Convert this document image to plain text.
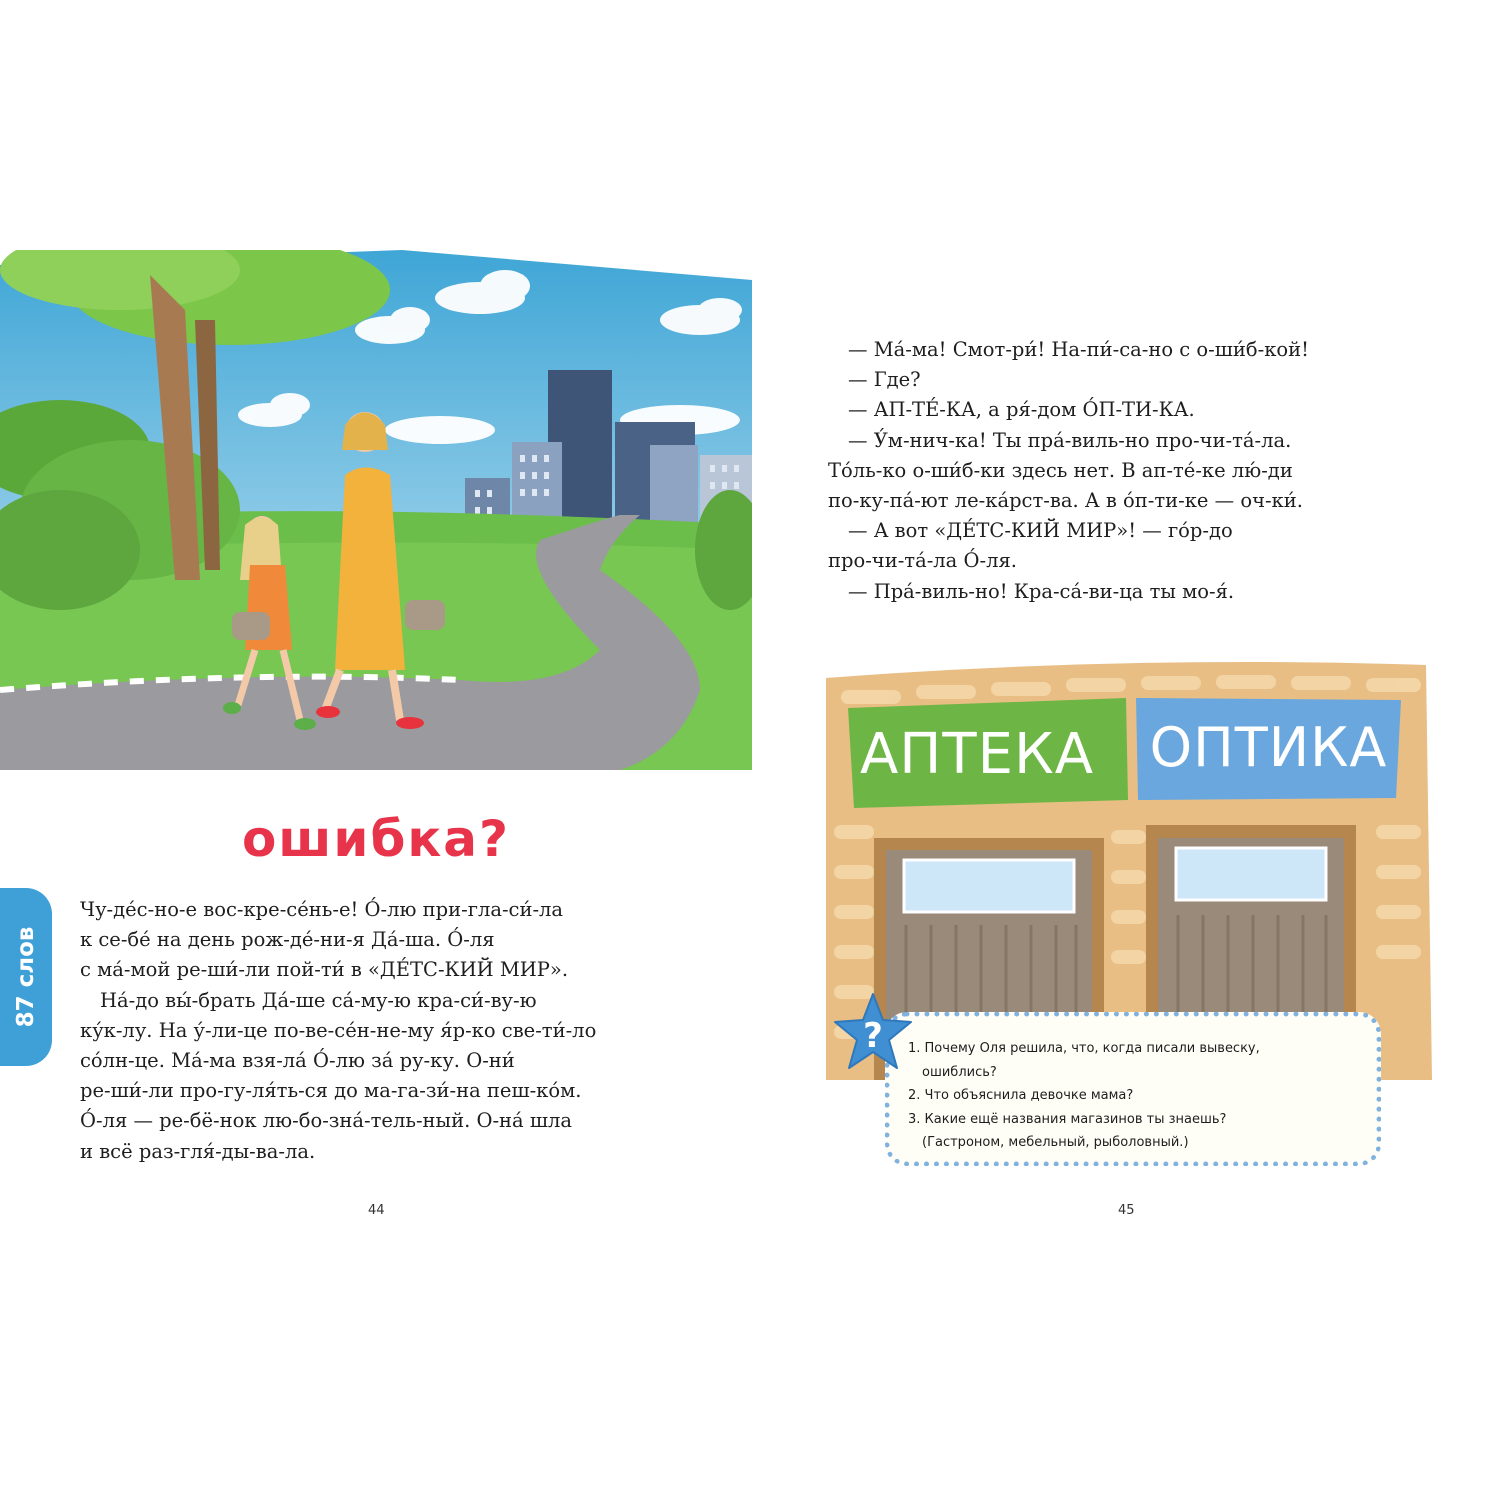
ошибка?
87 слов
Чу-де́с-но-е вос-кре-се́нь-е! О́-лю при-гла-си́-ла
к се-бе́ на день рож-де́-ни-я Да́-ша. О́-ля
с ма́-мой ре-ши́-ли пой-ти́ в «ДЕ́ТС-КИЙ МИР».
На́-до вы́-брать Да́-ше са́-му-ю кра-си́-ву-ю
ку́к-лу. На у́-ли-це по-ве-се́н-не-му я́р-ко све-ти́-ло
со́лн-це. Ма́-ма взя-ла́ О́-лю за́ ру-ку. О-ни́
ре-ши́-ли про-гу-ля́ть-ся до ма-га-зи́-на пеш-ко́м.
О́-ля — ре-бё-нок лю-бо-зна́-тель-ный. О-на́ шла
и всё раз-гля́-ды-ва-ла.
— Ма́-ма! Смот-ри́! На-пи́-са-но с о-ши́б-кой!
— Где?
— АП-ТЕ́-КА, а ря́-дом О́П-ТИ-КА.
— У́м-нич-ка! Ты пра́-виль-но про-чи-та́-ла.
То́ль-ко о-ши́б-ки здесь нет. В ап-те́-ке лю́-ди
по-ку-па́-ют ле-ка́рст-ва. А в о́п-ти-ке — оч-ки́.
— А вот «ДЕ́ТС-КИЙ МИР»! — го́р-до
про-чи-та́-ла О́-ля.
— Пра́-виль-но! Кра-са́-ви-ца ты мо-я́.
АПТЕКА	ОПТИКА
1. Почему Оля решила, что, когда писали вывеску,
ошиблись?
2. Что объяснила девочке мама?
3. Какие ещё названия магазинов ты знаешь?
(Гастроном, мебельный, рыболовный.)
?
44	45
